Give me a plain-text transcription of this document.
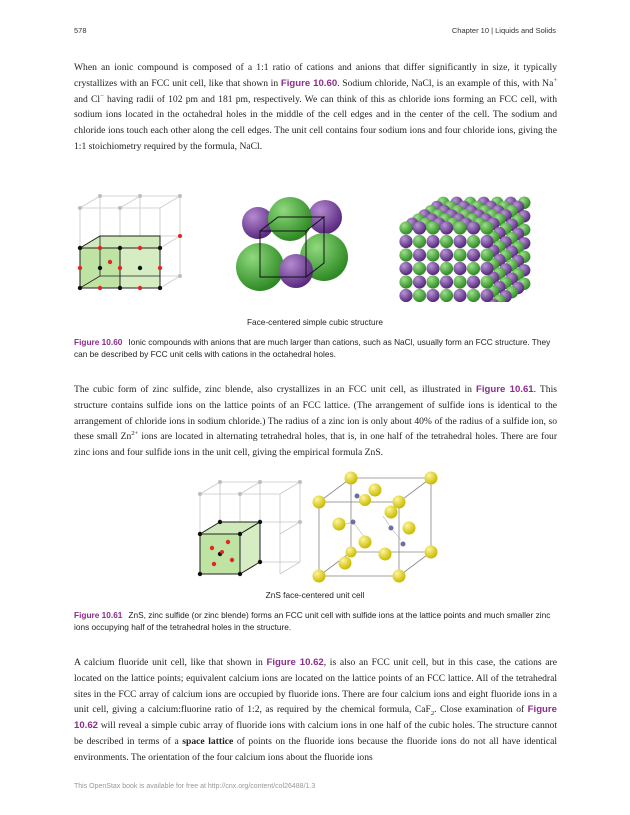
578	Chapter 10 | Liquids and Solids

When an ionic compound is composed of a 1:1 ratio of cations and anions that differ significantly in size, it typically crystallizes with an FCC unit cell, like that shown in Figure 10.60. Sodium chloride, NaCl, is an example of this, with Na+ and Cl− having radii of 102 pm and 181 pm, respectively. We can think of this as chloride ions forming an FCC cell, with sodium ions located in the octahedral holes in the middle of the cell edges and in the center of the cell. The sodium and chloride ions touch each other along the cell edges. The unit cell contains four sodium ions and four chloride ions, giving the 1:1 stoichiometry required by the formula, NaCl.

Face-centered simple cubic structure

Figure 10.60 Ionic compounds with anions that are much larger than cations, such as NaCl, usually form an FCC structure. They can be described by FCC unit cells with cations in the octahedral holes.

The cubic form of zinc sulfide, zinc blende, also crystallizes in an FCC unit cell, as illustrated in Figure 10.61. This structure contains sulfide ions on the lattice points of an FCC lattice. (The arrangement of sulfide ions is identical to the arrangement of chloride ions in sodium chloride.) The radius of a zinc ion is only about 40% of the radius of a sulfide ion, so these small $Zn^{2+}$ ions are located in alternating tetrahedral holes, that is, in one half of the tetrahedral holes. There are four zinc ions and four sulfide ions in the unit cell, giving the empirical formula ZnS.

ZnS face-centered unit cell

Figure 10.61 ZnS, zinc sulfide (or zinc blende) forms an FCC unit cell with sulfide ions at the lattice points and much smaller zinc ions occupying half of the tetrahedral holes in the structure.

A calcium fluoride unit cell, like that shown in Figure 10.62, is also an FCC unit cell, but in this case, the cations are located on the lattice points; equivalent calcium ions are located on the lattice points of an FCC lattice. All of the tetrahedral sites in the FCC array of calcium ions are occupied by fluoride ions. There are four calcium ions and eight fluoride ions in a unit cell, giving a calcium:fluorine ratio of 1:2, as required by the chemical formula, CaF$_2$. Close examination of Figure 10.62 will reveal a simple cubic array of fluoride ions with calcium ions in one half of the cubic holes. The structure cannot be described in terms of a space lattice of points on the fluoride ions because the fluoride ions do not all have identical environments. The orientation of the four calcium ions about the fluoride ions

This OpenStax book is available for free at http://cnx.org/content/col26488/1.3
